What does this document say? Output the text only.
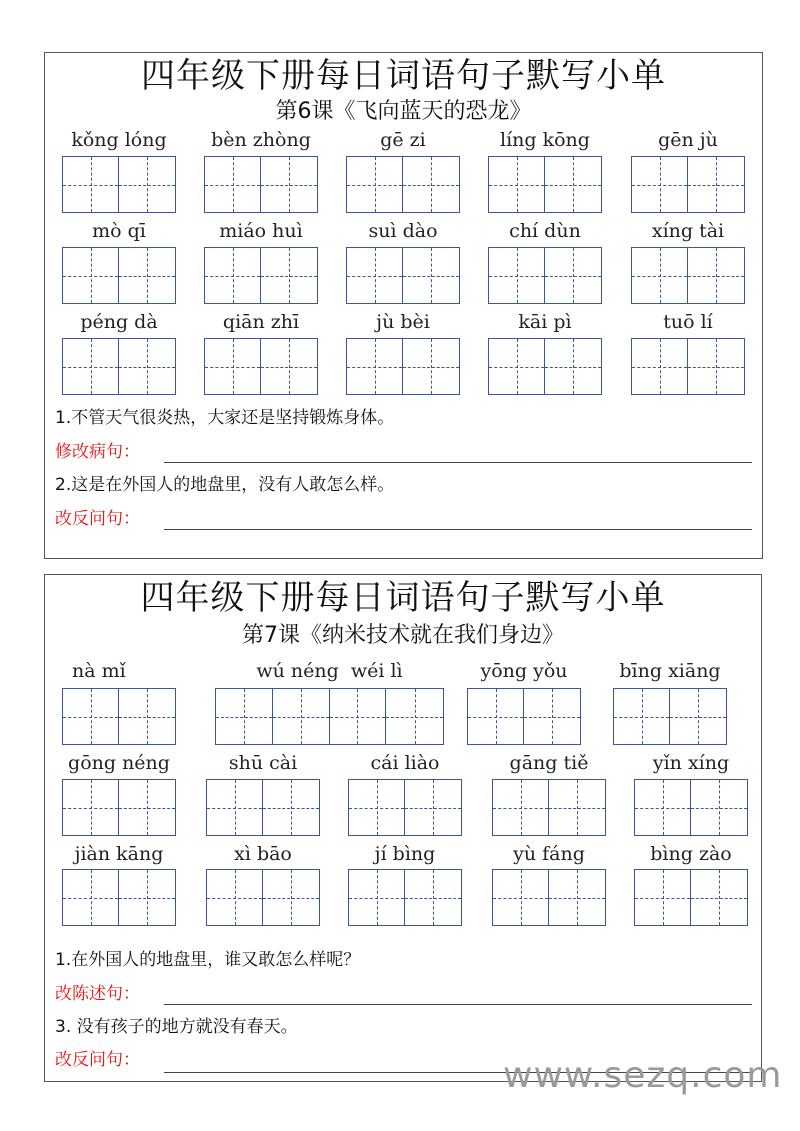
四年级下册每日词语句子默写小单
第6课《飞向蓝天的恐龙》
kǒng lóng	bèn zhòng	gē zi	líng kōng	gēn jù
mò qī	miáo huì	suì dào	chí dùn	xíng tài
péng dà	qiān zhī	jù bèi	kāi pì	tuō lí
1.不管天气很炎热，大家还是坚持锻炼身体。
修改病句：
2.这是在外国人的地盘里，没有人敢怎么样。
改反问句：
四年级下册每日词语句子默写小单
第7课《纳米技术就在我们身边》
nà mǐ	wú néng  wéi lì	yōng yǒu	bīng xiāng
gōng néng	shū cài	cái liào	gāng tiě	yǐn xíng
jiàn kāng	xì bāo	jí bìng	yù fáng	bìng zào
1.在外国人的地盘里，谁又敢怎么样呢？
改陈述句：
3. 没有孩子的地方就没有春天。
改反问句：	www.sezq.com
